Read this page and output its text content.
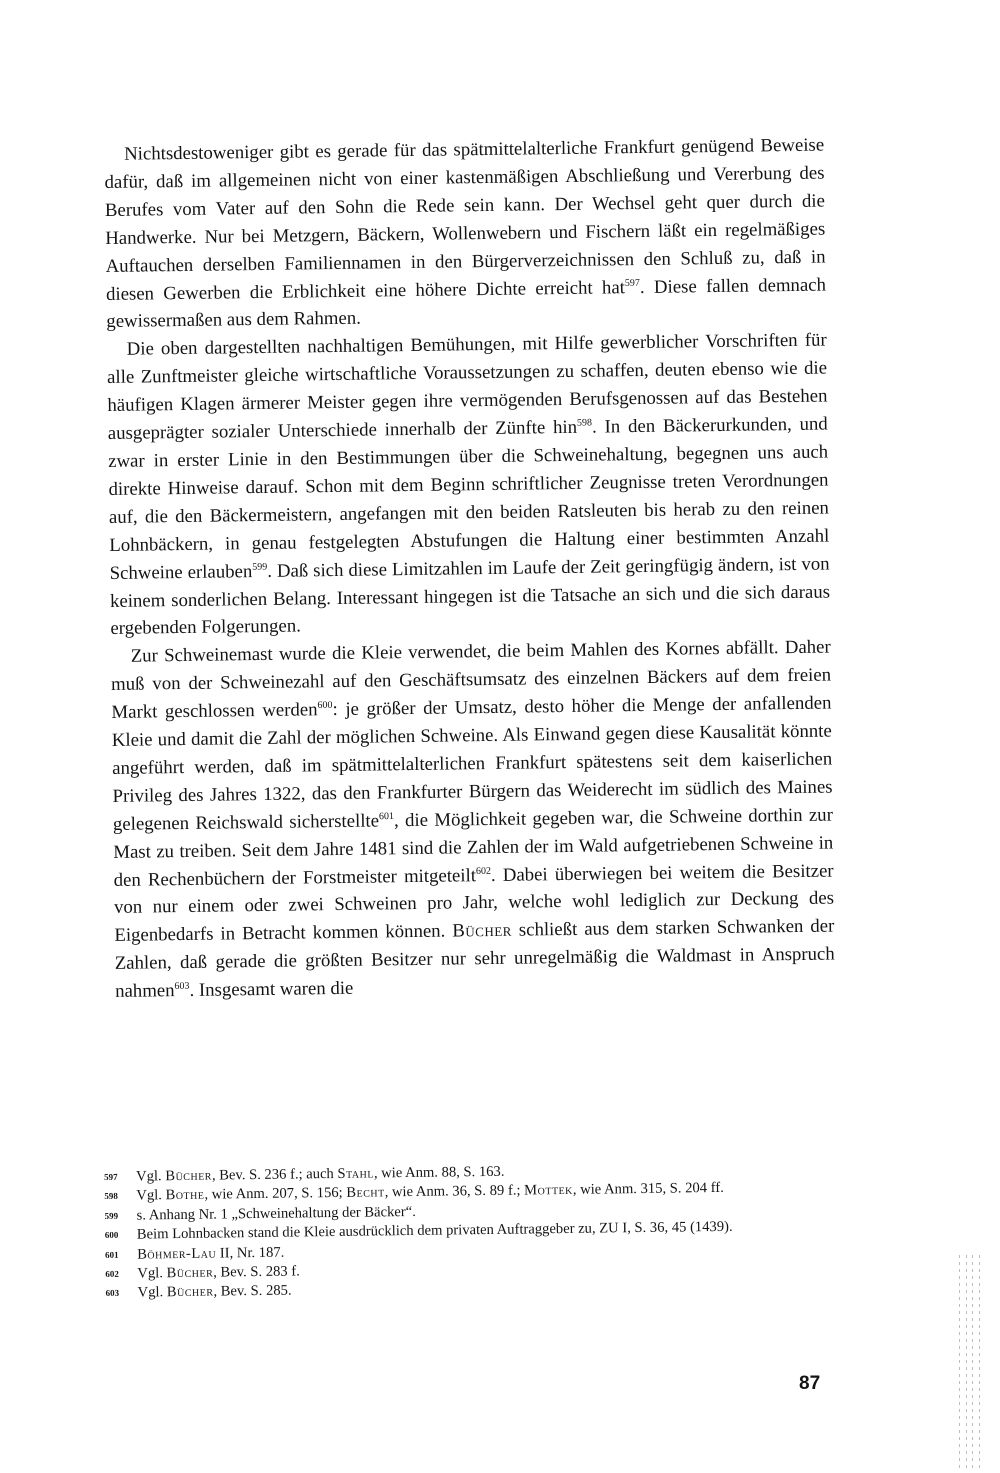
Nichtsdestoweniger gibt es gerade für das spätmittelalterliche Frankfurt genügend Beweise dafür, daß im allgemeinen nicht von einer kastenmäßigen Abschließung und Vererbung des Berufes vom Vater auf den Sohn die Rede sein kann. Der Wechsel geht quer durch die Handwerke. Nur bei Metzgern, Bäckern, Wollenwebern und Fischern läßt ein regelmäßiges Auftauchen derselben Familiennamen in den Bürgerverzeichnissen den Schluß zu, daß in diesen Gewerben die Erblichkeit eine höhere Dichte erreicht hat$^{597}$. Diese fallen demnach gewissermaßen aus dem Rahmen.

Die oben dargestellten nachhaltigen Bemühungen, mit Hilfe gewerblicher Vorschriften für alle Zunftmeister gleiche wirtschaftliche Voraussetzungen zu schaffen, deuten ebenso wie die häufigen Klagen ärmerer Meister gegen ihre vermögenden Berufsgenossen auf das Bestehen ausgeprägter sozialer Unterschiede innerhalb der Zünfte hin$^{598}$. In den Bäckerurkunden, und zwar in erster Linie in den Bestimmungen über die Schweinehaltung, begegnen uns auch direkte Hinweise darauf. Schon mit dem Beginn schriftlicher Zeugnisse treten Verordnungen auf, die den Bäckermeistern, angefangen mit den beiden Ratsleuten bis herab zu den reinen Lohnbäckern, in genau festgelegten Abstufungen die Haltung einer bestimmten Anzahl Schweine erlauben$^{599}$. Daß sich diese Limitzahlen im Laufe der Zeit geringfügig ändern, ist von keinem sonderlichen Belang. Interessant hingegen ist die Tatsache an sich und die sich daraus ergebenden Folgerungen.

Zur Schweinemast wurde die Kleie verwendet, die beim Mahlen des Kornes abfällt. Daher muß von der Schweinezahl auf den Geschäftsumsatz des einzelnen Bäckers auf dem freien Markt geschlossen werden$^{600}$: je größer der Umsatz, desto höher die Menge der anfallenden Kleie und damit die Zahl der möglichen Schweine. Als Einwand gegen diese Kausalität könnte angeführt werden, daß im spätmittelalterlichen Frankfurt spätestens seit dem kaiserlichen Privileg des Jahres 1322, das den Frankfurter Bürgern das Weiderecht im südlich des Maines gelegenen Reichswald sicherstellte$^{601}$, die Möglichkeit gegeben war, die Schweine dorthin zur Mast zu treiben. Seit dem Jahre 1481 sind die Zahlen der im Wald aufgetriebenen Schweine in den Rechenbüchern der Forstmeister mitgeteilt$^{602}$. Dabei überwiegen bei weitem die Besitzer von nur einem oder zwei Schweinen pro Jahr, welche wohl lediglich zur Deckung des Eigenbedarfs in Betracht kommen können. Bücher schließt aus dem starken Schwanken der Zahlen, daß gerade die größten Besitzer nur sehr unregelmäßig die Waldmast in Anspruch nahmen$^{603}$. Insgesamt waren die

597 Vgl. Bücher, Bev. S. 236 f.; auch Stahl, wie Anm. 88, S. 163.
598 Vgl. Bothe, wie Anm. 207, S. 156; Becht, wie Anm. 36, S. 89 f.; Mottek, wie Anm. 315, S. 204 ff.
599 s. Anhang Nr. 1 „Schweinehaltung der Bäcker“.
600 Beim Lohnbacken stand die Kleie ausdrücklich dem privaten Auftraggeber zu, ZU I, S. 36, 45 (1439).
601 Böhmer-Lau II, Nr. 187.
602 Vgl. Bücher, Bev. S. 283 f.
603 Vgl. Bücher, Bev. S. 285.
87
